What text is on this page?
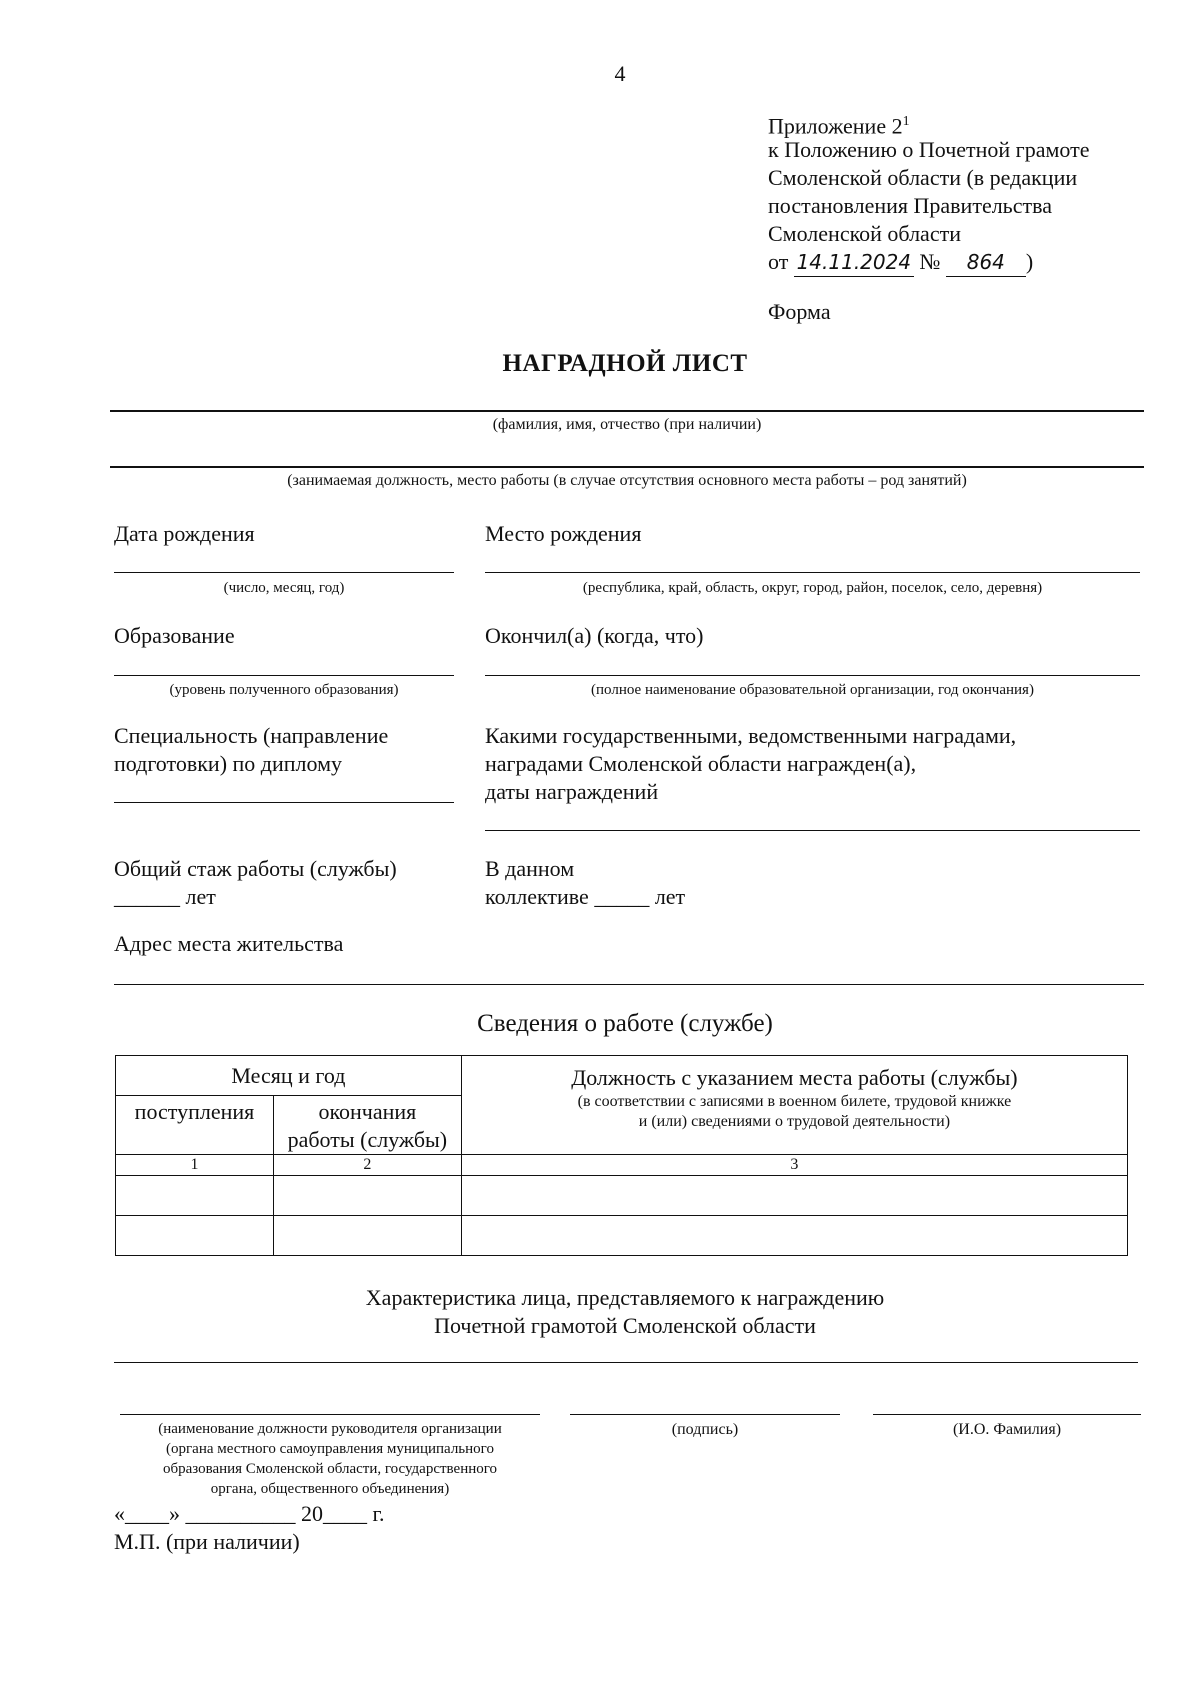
4
Приложение $2^1$
к Положению о Почетной грамоте
Смоленской области (в редакции
постановления Правительства
Смоленской области
от 14.11.2024 № 864 )
Форма
НАГРАДНОЙ ЛИСТ
(фамилия, имя, отчество (при наличии)
(занимаемая должность, место работы (в случае отсутствия основного места работы – род занятий)
Дата рождения	Место рождения
(число, месяц, год)	(республика, край, область, округ, город, район, поселок, село, деревня)
Образование	Окончил(а) (когда, что)
(уровень полученного образования)	(полное наименование образовательной организации, год окончания)
Специальность (направление
подготовки) по диплому
Какими государственными, ведомственными наградами,
наградами Смоленской области награжден(а),
даты награждений
Общий стаж работы (службы)
______ лет
В данном
коллективе _____ лет
Адрес места жительства
Сведения о работе (службе)
Месяц и год		Должность с указанием места работы (службы)
(в соответствии с записями в военном билете, трудовой книжке
и (или) сведениями о трудовой деятельности)

поступления	окончания
работы (службы)	

1	2	3

Характеристика лица, представляемого к награждению
Почетной грамотой Смоленской области
(наименование должности руководителя организации
(органа местного самоуправления муниципального
образования Смоленской области, государственного
органа, общественного объединения)
(подпись)	(И.О. Фамилия)
«____» __________ 20____ г.
М.П. (при наличии)
